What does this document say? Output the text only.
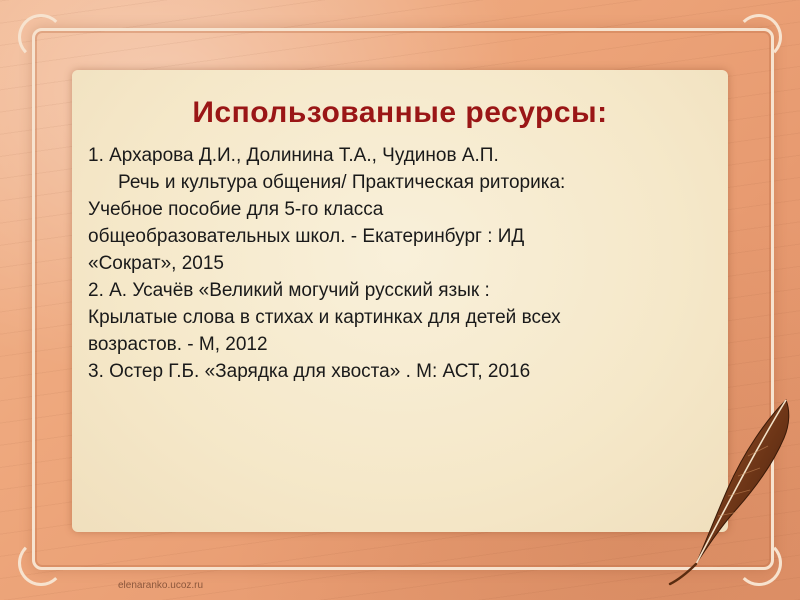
Использованные ресурсы:
1. Архарова Д.И., Долинина Т.А., Чудинов А.П.
Речь и культура общения/ Практическая риторика:
Учебное пособие для 5-го класса
общеобразовательных школ. - Екатеринбург : ИД
«Сократ», 2015
2. А. Усачёв «Великий могучий русский язык :
Крылатые слова в стихах и картинках для детей всех
возрастов. - М, 2012
3. Остер Г.Б. «Зарядка для хвоста» . М: АСТ, 2016
elenaranko.ucoz.ru
